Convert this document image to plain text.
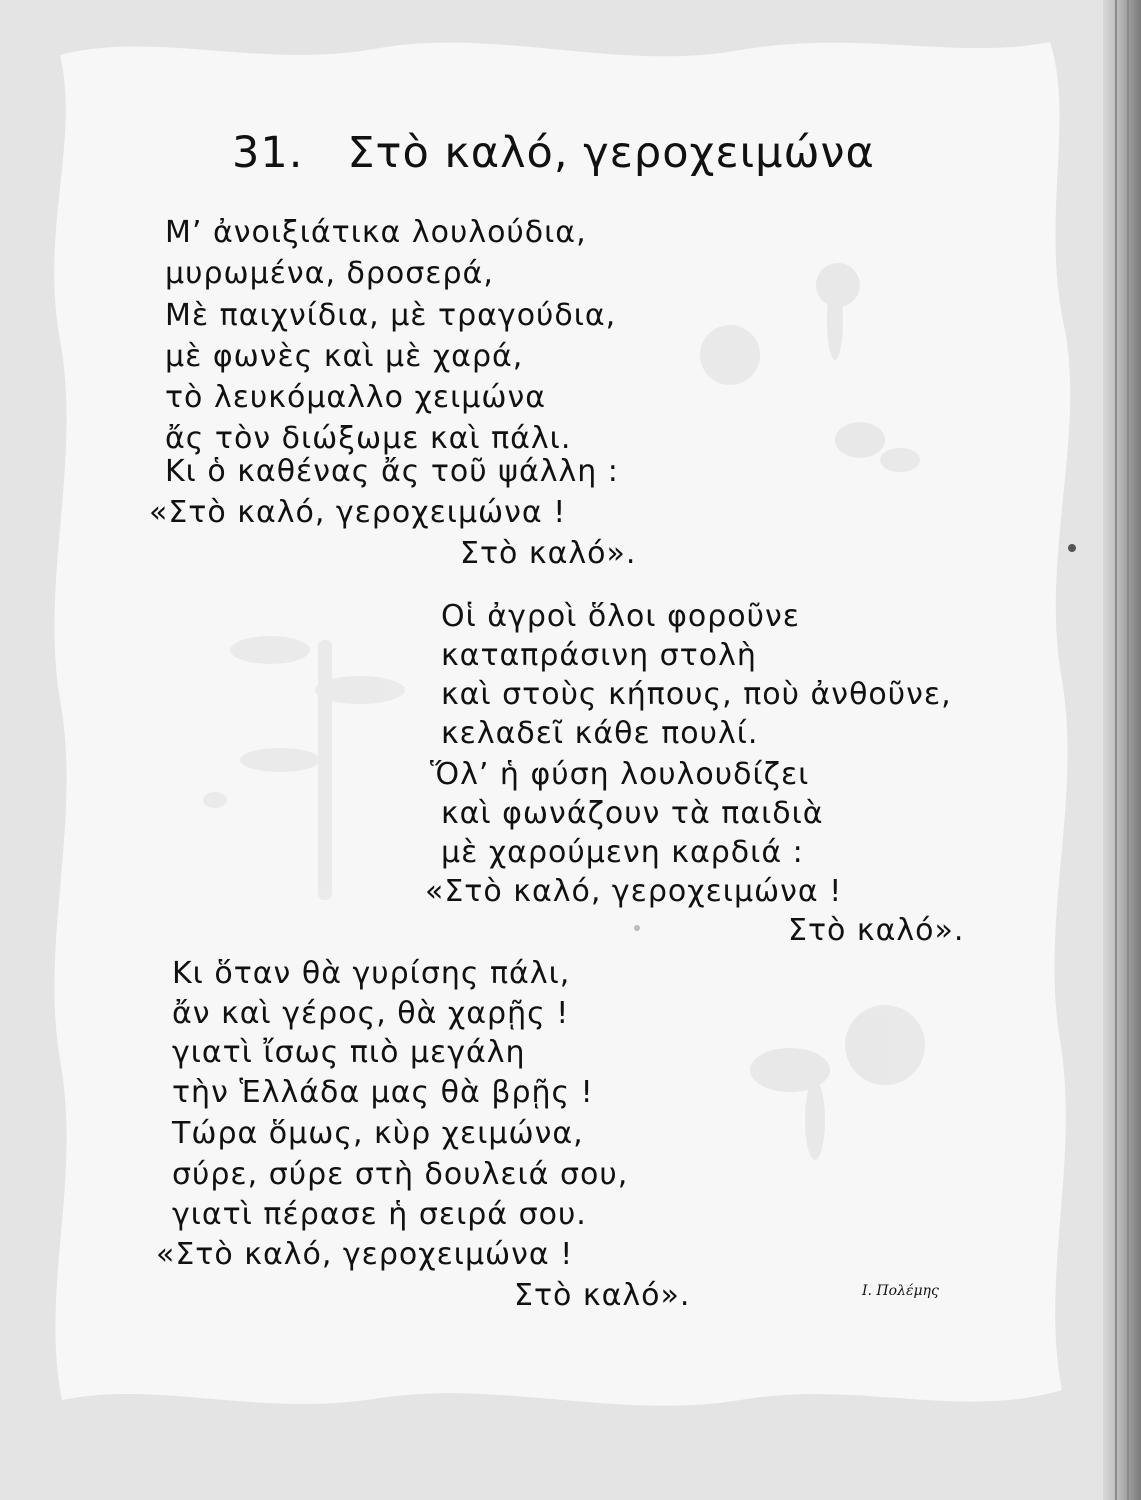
31. Στὸ καλό, γεροχειμώνα
Μ’ ἀνοιξιάτικα λουλούδια,
μυρωμένα, δροσερά,
Μὲ παιχνίδια, μὲ τραγούδια,
μὲ φωνὲς καὶ μὲ χαρά,
τὸ λευκόμαλλο χειμώνα
ἄς τὸν διώξωμε καὶ πάλι.
Κι ὁ καθένας ἄς τοῦ ψάλλη :
«Στὸ καλό, γεροχειμώνα !
Στὸ καλό».
Οἱ ἀγροὶ ὅλοι φοροῦνε
καταπράσινη στολὴ
καὶ στοὺς κήπους, ποὺ ἀνθοῦνε,
κελαδεῖ κάθε πουλί.
Ὅλ’ ἡ φύση λουλουδίζει
καὶ φωνάζουν τὰ παιδιὰ
μὲ χαρούμενη καρδιά :
«Στὸ καλό, γεροχειμώνα !
Στὸ καλό».
Κι ὅταν θὰ γυρίσης πάλι,
ἄν καὶ γέρος, θὰ χαρῇς !
γιατὶ ἴσως πιὸ μεγάλη
τὴν Ἑλλάδα μας θὰ βρῇς !
Τώρα ὅμως, κὺρ χειμώνα,
σύρε, σύρε στὴ δουλειά σου,
γιατὶ πέρασε ἡ σειρά σου.
«Στὸ καλό, γεροχειμώνα !
Στὸ καλό».	Ι. Πολέμης
